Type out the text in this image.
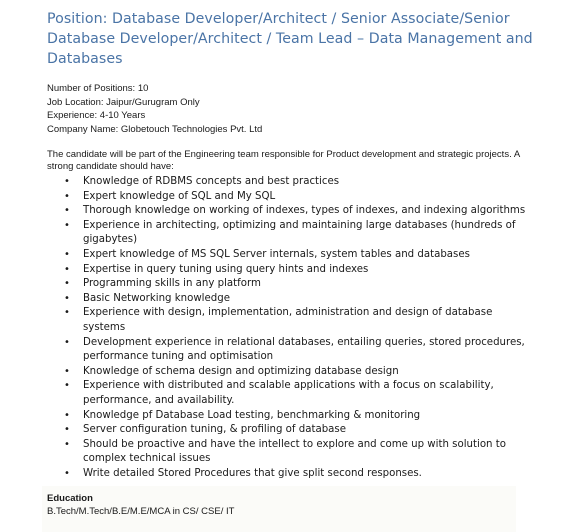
Position: Database Developer/Architect / Senior Associate/Senior Database Developer/Architect / Team Lead – Data Management and Databases
Number of Positions: 10
Job Location: Jaipur/Gurugram Only
Experience: 4-10 Years
Company Name: Globetouch Technologies Pvt. Ltd
The candidate will be part of the Engineering team responsible for Product development and strategic projects. A strong candidate should have:
• Knowledge of RDBMS concepts and best practices
• Expert knowledge of SQL and My SQL
• Thorough knowledge on working of indexes, types of indexes, and indexing algorithms
• Experience in architecting, optimizing and maintaining large databases (hundreds of gigabytes)
• Expert knowledge of MS SQL Server internals, system tables and databases
• Expertise in query tuning using query hints and indexes
• Programming skills in any platform
• Basic Networking knowledge
• Experience with design, implementation, administration and design of database systems
• Development experience in relational databases, entailing queries, stored procedures, performance tuning and optimisation
• Knowledge of schema design and optimizing database design
• Experience with distributed and scalable applications with a focus on scalability, performance, and availability.
• Knowledge pf Database Load testing, benchmarking & monitoring
• Server configuration tuning, & profiling of database
• Should be proactive and have the intellect to explore and come up with solution to complex technical issues
• Write detailed Stored Procedures that give split second responses.
Education
B.Tech/M.Tech/B.E/M.E/MCA in CS/ CSE/ IT
